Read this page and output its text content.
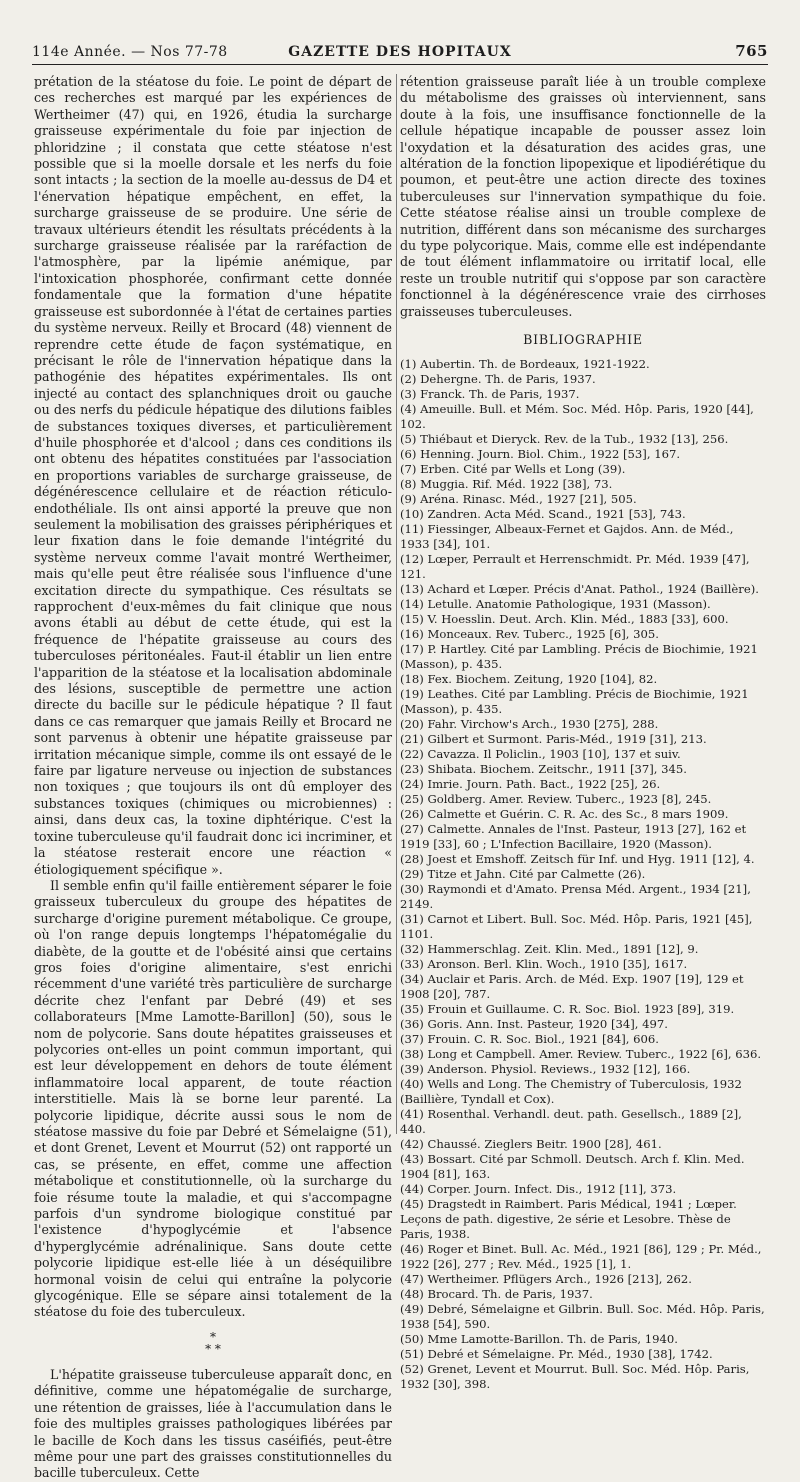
114e Année. — Nos 77-78	GAZETTE DES HOPITAUX	765

prétation de la stéatose du foie. Le point de départ de ces recherches est marqué par les expériences de Wertheimer (47) qui, en 1926, étudia la surcharge graisseuse expérimentale du foie par injection de phloridzine ; il constata que cette stéatose n'est possible que si la moelle dorsale et les nerfs du foie sont intacts ; la section de la moelle au-dessus de D4 et l'énervation hépatique empêchent, en effet, la surcharge graisseuse de se produire. Une série de travaux ultérieurs étendit les résultats précédents à la surcharge graisseuse réalisée par la raréfaction de l'atmosphère, par la lipémie anémique, par l'intoxication phosphorée, confirmant cette donnée fondamentale que la formation d'une hépatite graisseuse est subordonnée à l'état de certaines parties du système nerveux. Reilly et Brocard (48) viennent de reprendre cette étude de façon systématique, en précisant le rôle de l'innervation hépatique dans la pathogénie des hépatites expérimentales. Ils ont injecté au contact des splanchniques droit ou gauche ou des nerfs du pédicule hépatique des dilutions faibles de substances toxiques diverses, et particulièrement d'huile phosphorée et d'alcool ; dans ces conditions ils ont obtenu des hépatites constituées par l'association en proportions variables de surcharge graisseuse, de dégénérescence cellulaire et de réaction réticulo-endothéliale. Ils ont ainsi apporté la preuve que non seulement la mobilisation des graisses périphériques et leur fixation dans le foie demande l'intégrité du système nerveux comme l'avait montré Wertheimer, mais qu'elle peut être réalisée sous l'influence d'une excitation directe du sympathique. Ces résultats se rapprochent d'eux-mêmes du fait clinique que nous avons établi au début de cette étude, qui est la fréquence de l'hépatite graisseuse au cours des tuberculoses péritonéales. Faut-il établir un lien entre l'apparition de la stéatose et la localisation abdominale des lésions, susceptible de permettre une action directe du bacille sur le pédicule hépatique ? Il faut dans ce cas remarquer que jamais Reilly et Brocard ne sont parvenus à obtenir une hépatite graisseuse par irritation mécanique simple, comme ils ont essayé de le faire par ligature nerveuse ou injection de substances non toxiques ; que toujours ils ont dû employer des substances toxiques (chimiques ou microbiennes) : ainsi, dans deux cas, la toxine diphtérique. C'est la toxine tuberculeuse qu'il faudrait donc ici incriminer, et la stéatose resterait encore une réaction « étiologiquement spécifique ».

Il semble enfin qu'il faille entièrement séparer le foie graisseux tuberculeux du groupe des hépatites de surcharge d'origine purement métabolique. Ce groupe, où l'on range depuis longtemps l'hépatomégalie du diabète, de la goutte et de l'obésité ainsi que certains gros foies d'origine alimentaire, s'est enrichi récemment d'une variété très particulière de surcharge décrite chez l'enfant par Debré (49) et ses collaborateurs [Mme Lamotte-Barillon] (50), sous le nom de polycorie. Sans doute hépatites graisseuses et polycories ont-elles un point commun important, qui est leur développement en dehors de toute élément inflammatoire local apparent, de toute réaction interstitielle. Mais là se borne leur parenté. La polycorie lipidique, décrite aussi sous le nom de stéatose massive du foie par Debré et Sémelaigne (51), et dont Grenet, Levent et Mourrut (52) ont rapporté un cas, se présente, en effet, comme une affection métabolique et constitutionnelle, où la surcharge du foie résume toute la maladie, et qui s'accompagne parfois d'un syndrome biologique constitué par l'existence d'hypoglycémie et l'absence d'hyperglycémie adrénalinique. Sans doute cette polycorie lipidique est-elle liée à un déséquilibre hormonal voisin de celui qui entraîne la polycorie glycogénique. Elle se sépare ainsi totalement de la stéatose du foie des tuberculeux.

*
* *

L'hépatite graisseuse tuberculeuse apparaît donc, en définitive, comme une hépatomégalie de surcharge, une rétention de graisses, liée à l'accumulation dans le foie des multiples graisses pathologiques libérées par le bacille de Koch dans les tissus caséifiés, peut-être même pour une part des graisses constitutionnelles du bacille tuberculeux. Cette

rétention graisseuse paraît liée à un trouble complexe du métabolisme des graisses où interviennent, sans doute à la fois, une insuffisance fonctionnelle de la cellule hépatique incapable de pousser assez loin l'oxydation et la désaturation des acides gras, une altération de la fonction lipopexique et lipodiérétique du poumon, et peut-être une action directe des toxines tuberculeuses sur l'innervation sympathique du foie. Cette stéatose réalise ainsi un trouble complexe de nutrition, différent dans son mécanisme des surcharges du type polycorique. Mais, comme elle est indépendante de tout élément inflammatoire ou irritatif local, elle reste un trouble nutritif qui s'oppose par son caractère fonctionnel à la dégénérescence vraie des cirrhoses graisseuses tuberculeuses.

BIBLIOGRAPHIE
(1) Aubertin. Th. de Bordeaux, 1921-1922.
(2) Dehergne. Th. de Paris, 1937.
(3) Franck. Th. de Paris, 1937.
(4) Ameuille. Bull. et Mém. Soc. Méd. Hôp. Paris, 1920 [44], 102.
(5) Thiébaut et Dieryck. Rev. de la Tub., 1932 [13], 256.
(6) Henning. Journ. Biol. Chim., 1922 [53], 167.
(7) Erben. Cité par Wells et Long (39).
(8) Muggia. Rif. Méd. 1922 [38], 73.
(9) Aréna. Rinasc. Méd., 1927 [21], 505.
(10) Zandren. Acta Méd. Scand., 1921 [53], 743.
(11) Fiessinger, Albeaux-Fernet et Gajdos. Ann. de Méd., 1933 [34], 101.
(12) Lœper, Perrault et Herrenschmidt. Pr. Méd. 1939 [47], 121.
(13) Achard et Lœper. Précis d'Anat. Pathol., 1924 (Baillère).
(14) Letulle. Anatomie Pathologique, 1931 (Masson).
(15) V. Hoesslin. Deut. Arch. Klin. Méd., 1883 [33], 600.
(16) Monceaux. Rev. Tuberc., 1925 [6], 305.
(17) P. Hartley. Cité par Lambling. Précis de Biochimie, 1921 (Masson), p. 435.
(18) Fex. Biochem. Zeitung, 1920 [104], 82.
(19) Leathes. Cité par Lambling. Précis de Biochimie, 1921 (Masson), p. 435.
(20) Fahr. Virchow's Arch., 1930 [275], 288.
(21) Gilbert et Surmont. Paris-Méd., 1919 [31], 213.
(22) Cavazza. Il Policlin., 1903 [10], 137 et suiv.
(23) Shibata. Biochem. Zeitschr., 1911 [37], 345.
(24) Imrie. Journ. Path. Bact., 1922 [25], 26.
(25) Goldberg. Amer. Review. Tuberc., 1923 [8], 245.
(26) Calmette et Guérin. C. R. Ac. des Sc., 8 mars 1909.
(27) Calmette. Annales de l'Inst. Pasteur, 1913 [27], 162 et 1919 [33], 60 ; L'Infection Bacillaire, 1920 (Masson).
(28) Joest et Emshoff. Zeitsch für Inf. und Hyg. 1911 [12], 4.
(29) Titze et Jahn. Cité par Calmette (26).
(30) Raymondi et d'Amato. Prensa Méd. Argent., 1934 [21], 2149.
(31) Carnot et Libert. Bull. Soc. Méd. Hôp. Paris, 1921 [45], 1101.
(32) Hammerschlag. Zeit. Klin. Med., 1891 [12], 9.
(33) Aronson. Berl. Klin. Woch., 1910 [35], 1617.
(34) Auclair et Paris. Arch. de Méd. Exp. 1907 [19], 129 et 1908 [20], 787.
(35) Frouin et Guillaume. C. R. Soc. Biol. 1923 [89], 319.
(36) Goris. Ann. Inst. Pasteur, 1920 [34], 497.
(37) Frouin. C. R. Soc. Biol., 1921 [84], 606.
(38) Long et Campbell. Amer. Review. Tuberc., 1922 [6], 636.
(39) Anderson. Physiol. Reviews., 1932 [12], 166.
(40) Wells and Long. The Chemistry of Tuberculosis, 1932 (Baillière, Tyndall et Cox).
(41) Rosenthal. Verhandl. deut. path. Gesellsch., 1889 [2], 440.
(42) Chaussé. Zieglers Beitr. 1900 [28], 461.
(43) Bossart. Cité par Schmoll. Deutsch. Arch f. Klin. Med. 1904 [81], 163.
(44) Corper. Journ. Infect. Dis., 1912 [11], 373.
(45) Dragstedt in Raimbert. Paris Médical, 1941 ; Lœper. Leçons de path. digestive, 2e série et Lesobre. Thèse de Paris, 1938.
(46) Roger et Binet. Bull. Ac. Méd., 1921 [86], 129 ; Pr. Méd., 1922 [26], 277 ; Rev. Méd., 1925 [1], 1.
(47) Wertheimer. Pflügers Arch., 1926 [213], 262.
(48) Brocard. Th. de Paris, 1937.
(49) Debré, Sémelaigne et Gilbrin. Bull. Soc. Méd. Hôp. Paris, 1938 [54], 590.
(50) Mme Lamotte-Barillon. Th. de Paris, 1940.
(51) Debré et Sémelaigne. Pr. Méd., 1930 [38], 1742.
(52) Grenet, Levent et Mourrut. Bull. Soc. Méd. Hôp. Paris, 1932 [30], 398.
